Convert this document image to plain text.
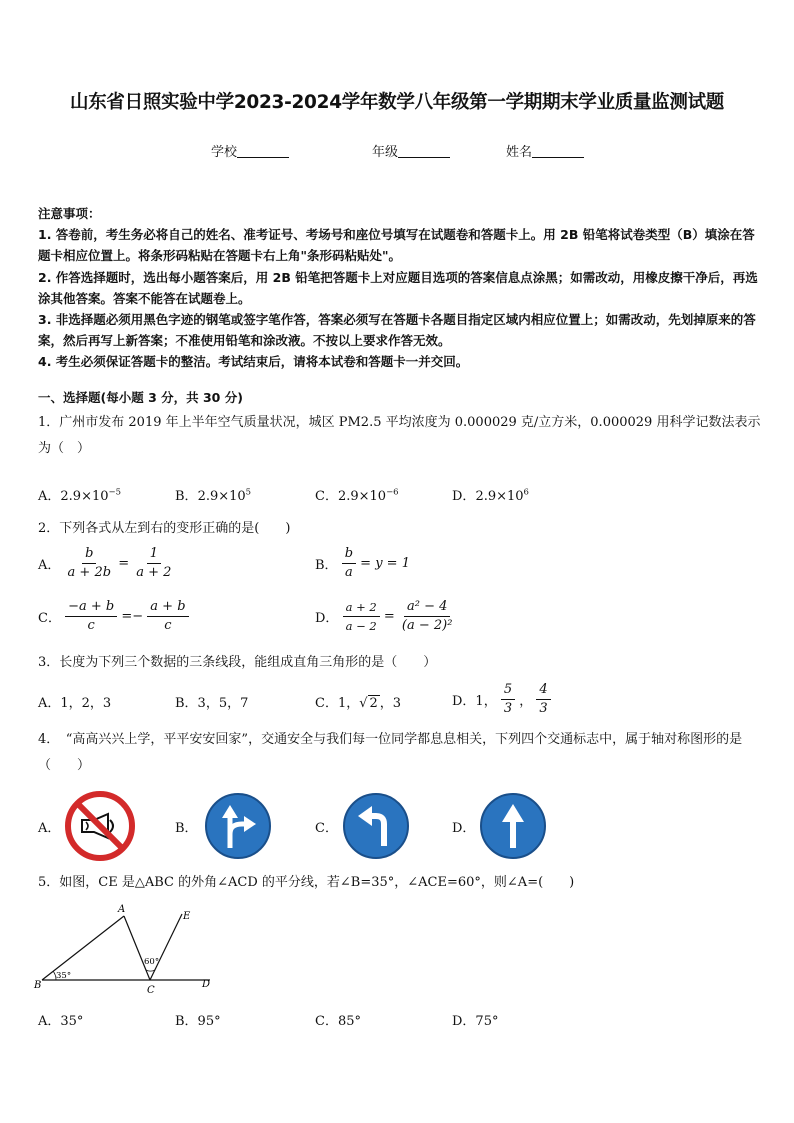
山东省日照实验中学2023-2024学年数学八年级第一学期期末学业质量监测试题
学校	年级	姓名

注意事项：

1. 答卷前，考生务必将自己的姓名、准考证号、考场号和座位号填写在试题卷和答题卡上。用 2B 铅笔将试卷类型（B）填涂在答题卡相应位置上。将条形码粘贴在答题卡右上角"条形码粘贴处"。

2. 作答选择题时，选出每小题答案后，用 2B 铅笔把答题卡上对应题目选项的答案信息点涂黑；如需改动，用橡皮擦干净后，再选涂其他答案。答案不能答在试题卷上。

3. 非选择题必须用黑色字迹的钢笔或签字笔作答，答案必须写在答题卡各题目指定区域内相应位置上；如需改动，先划掉原来的答案，然后再写上新答案；不准使用铅笔和涂改液。不按以上要求作答无效。

4. 考生必须保证答题卡的整洁。考试结束后，请将本试卷和答题卡一并交回。

一、选择题(每小题 3 分，共 30 分)
1．广州市发布 2019 年上半年空气质量状况，城区 PM2.5 平均浓度为 0.000029 克/立方米，0.000029 用科学记数法表示为（　）
A．$2.9\times 10^{-5}$	B．$2.9\times 10^5$	C．$2.9\times 10^{-6}$	D．$2.9\times 10^6$
2．下列各式从左到右的变形正确的是(　　)
A． $\frac{b}{a + 2b} = \frac{1}{a + 2}$	B． $\frac{b}{a} = y = 1$
C． $\frac{-a + b}{c} =- \frac{a + b}{c}$	D． $\frac{a + 2}{a - 2} = \frac{\text{a² − 4}}{\text{(a − 2)²}}$
3．长度为下列三个数据的三条线段，能组成直角三角形的是（　　）
A．1，2，3	B．3，5，7	C．1，√ 2 ，3	D．1， $\frac{5}{3}$ ， $\frac{4}{3}$
4．　“高高兴兴上学，平平安安回家”，交通安全与我们每一位同学都息息相关，下列四个交通标志中，属于轴对称图形的是（　　）
A．	B．	C．	D．
5．如图，CE 是△ABC 的外角∠ACD 的平分线，若∠B=35°，∠ACE=60°，则∠A=(　　)
A
B	C
D
E
35°
60°
A．35°	B．95°	C．85°	D．75°
